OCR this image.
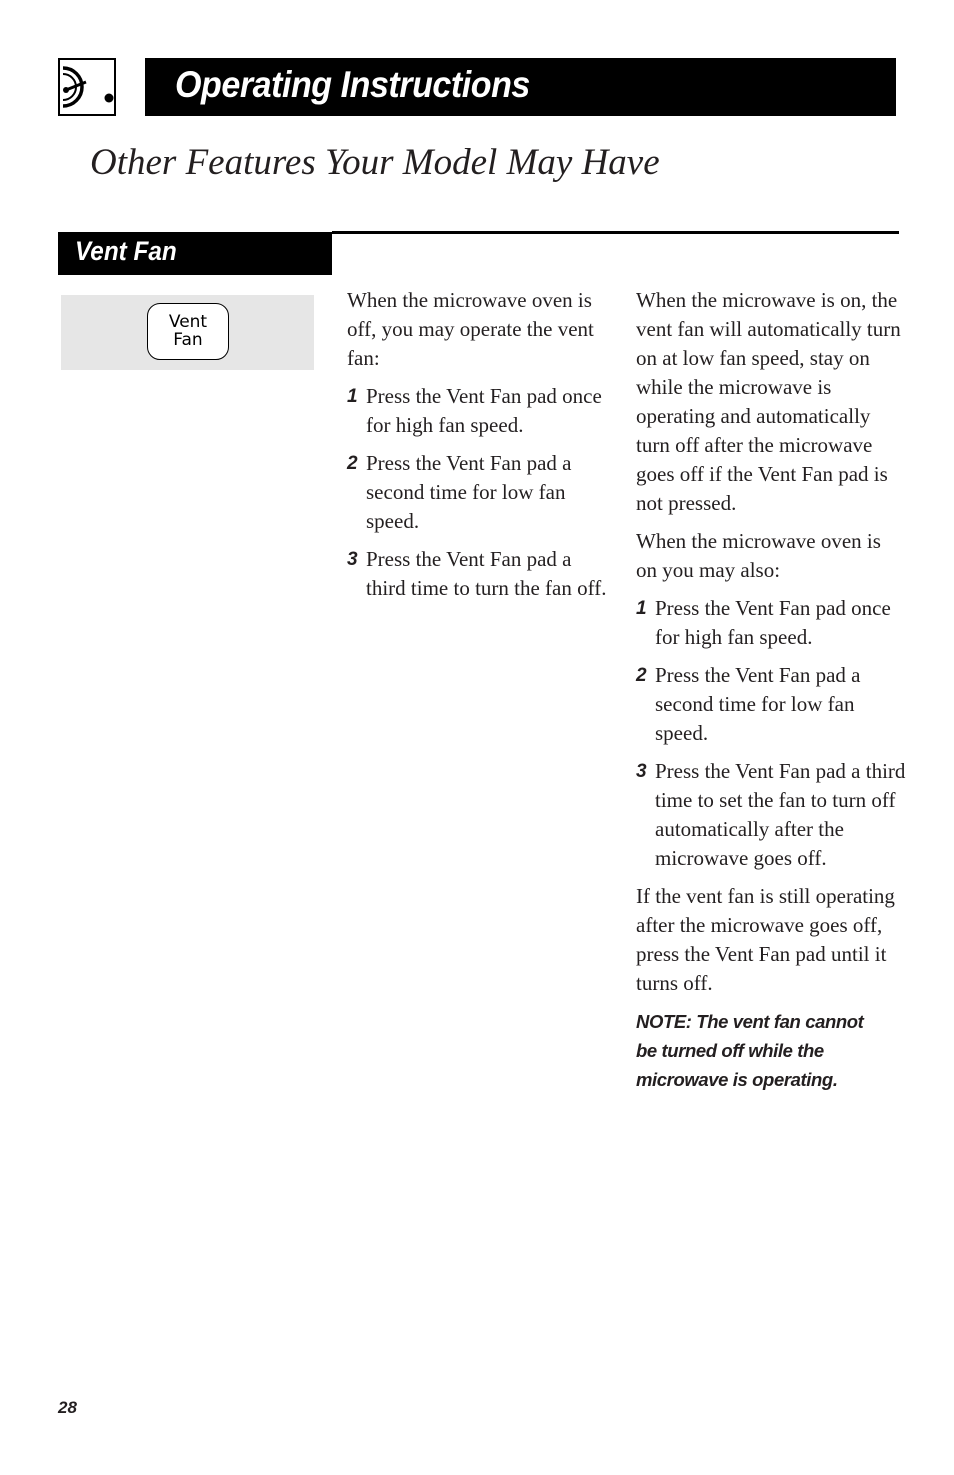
Operating Instructions
Other Features Your Model May Have
Vent Fan
Vent
Fan

When the microwave oven is off, you may operate the vent fan:

1 Press the Vent Fan pad once for high fan speed.
2 Press the Vent Fan pad a second time for low fan speed.
3 Press the Vent Fan pad a third time to turn the fan off.

When the microwave is on, the vent fan will automatically turn on at low fan speed, stay on while the microwave is operating and automatically turn off after the microwave goes off if the Vent Fan pad is not pressed.

When the microwave oven is on you may also:

1 Press the Vent Fan pad once for high fan speed.
2 Press the Vent Fan pad a second time for low fan speed.
3 Press the Vent Fan pad a third time to set the fan to turn off automatically after the microwave goes off.

If the vent fan is still operating after the microwave goes off, press the Vent Fan pad until it turns off.

NOTE: The vent fan cannot be turned off while the microwave is operating.
28
